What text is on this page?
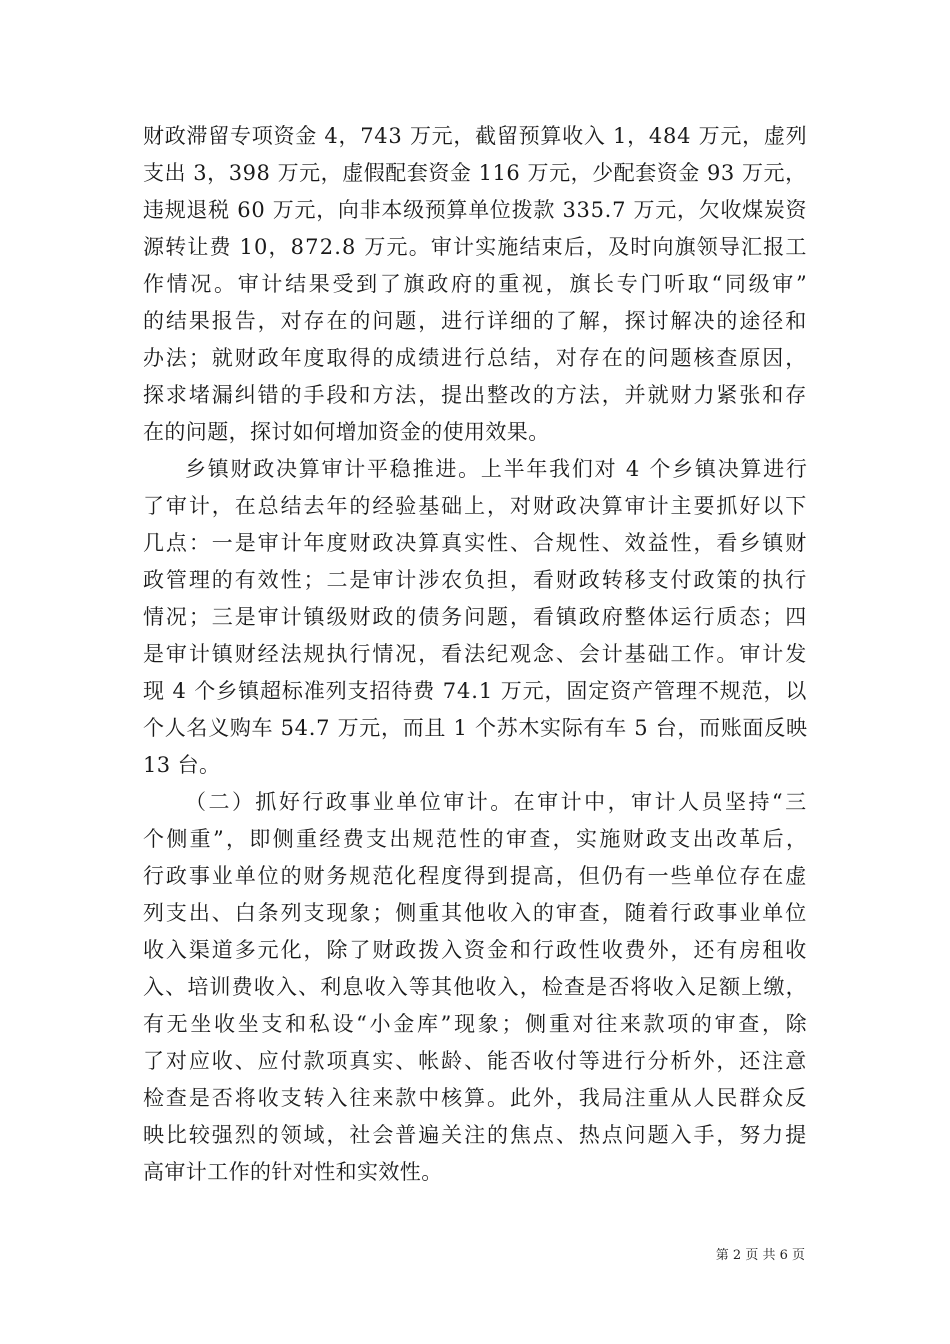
财政滞留专项资金 4，743 万元，截留预算收入 1，484 万元，虚列
支出 3，398 万元，虚假配套资金 116 万元，少配套资金 93 万元，
违规退税 60 万元，向非本级预算单位拨款 335.7 万元，欠收煤炭资
源转让费 10，872.8 万元。审计实施结束后，及时向旗领导汇报工
作情况。审计结果受到了旗政府的重视，旗长专门听取“同级审”
的结果报告，对存在的问题，进行详细的了解，探讨解决的途径和
办法；就财政年度取得的成绩进行总结，对存在的问题核查原因，
探求堵漏纠错的手段和方法，提出整改的方法，并就财力紧张和存
在的问题，探讨如何增加资金的使用效果。
乡镇财政决算审计平稳推进。上半年我们对 4 个乡镇决算进行
了审计，在总结去年的经验基础上，对财政决算审计主要抓好以下
几点：一是审计年度财政决算真实性、合规性、效益性，看乡镇财
政管理的有效性；二是审计涉农负担，看财政转移支付政策的执行
情况；三是审计镇级财政的债务问题，看镇政府整体运行质态；四
是审计镇财经法规执行情况，看法纪观念、会计基础工作。审计发
现 4 个乡镇超标准列支招待费 74.1 万元，固定资产管理不规范，以
个人名义购车 54.7 万元，而且 1 个苏木实际有车 5 台，而账面反映
13 台。
（二）抓好行政事业单位审计。在审计中，审计人员坚持“三
个侧重”，即侧重经费支出规范性的审查，实施财政支出改革后，
行政事业单位的财务规范化程度得到提高，但仍有一些单位存在虚
列支出、白条列支现象；侧重其他收入的审查，随着行政事业单位
收入渠道多元化，除了财政拨入资金和行政性收费外，还有房租收
入、培训费收入、利息收入等其他收入，检查是否将收入足额上缴，
有无坐收坐支和私设“小金库”现象；侧重对往来款项的审查，除
了对应收、应付款项真实、帐龄、能否收付等进行分析外，还注意
检查是否将收支转入往来款中核算。此外，我局注重从人民群众反
映比较强烈的领域，社会普遍关注的焦点、热点问题入手，努力提
高审计工作的针对性和实效性。
第 2 页 共 6 页
